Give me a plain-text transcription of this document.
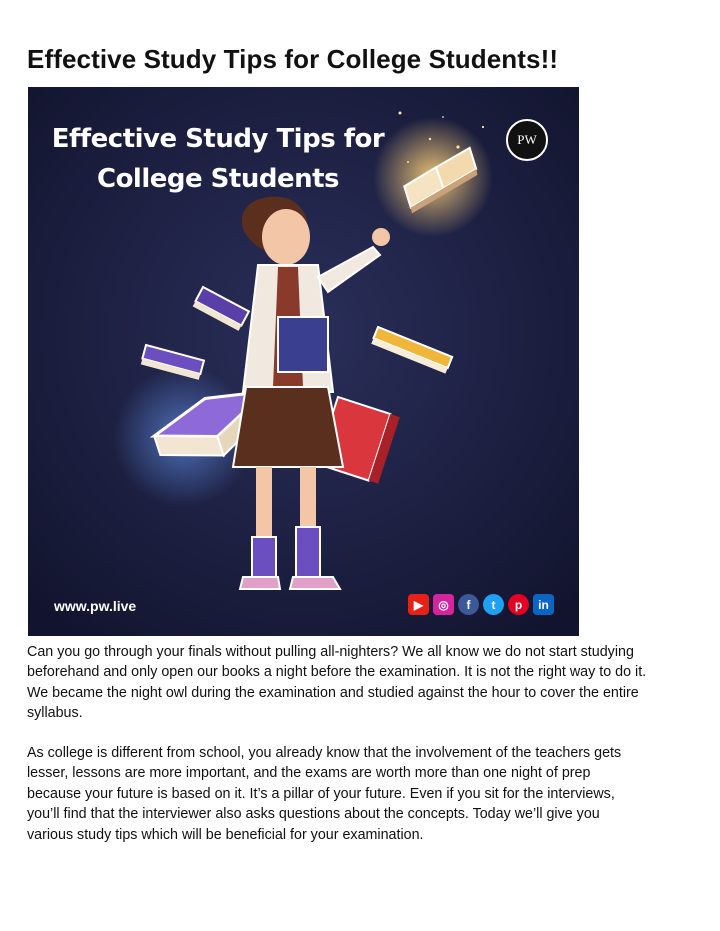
Effective Study Tips for College Students!!
Effective Study Tips for College Students
PW
www.pw.live	▶	◎	f	t	p	in

Can you go through your finals without pulling all-nighters? We all know we do not start studying beforehand and only open our books a night before the examination. It is not the right way to do it. We became the night owl during the examination and studied against the hour to cover the entire syllabus.

As college is different from school, you already know that the involvement of the teachers gets lesser, lessons are more important, and the exams are worth more than one night of prep because your future is based on it. It’s a pillar of your future. Even if you sit for the interviews, you’ll find that the interviewer also asks questions about the concepts. Today we’ll give you various study tips which will be beneficial for your examination.
